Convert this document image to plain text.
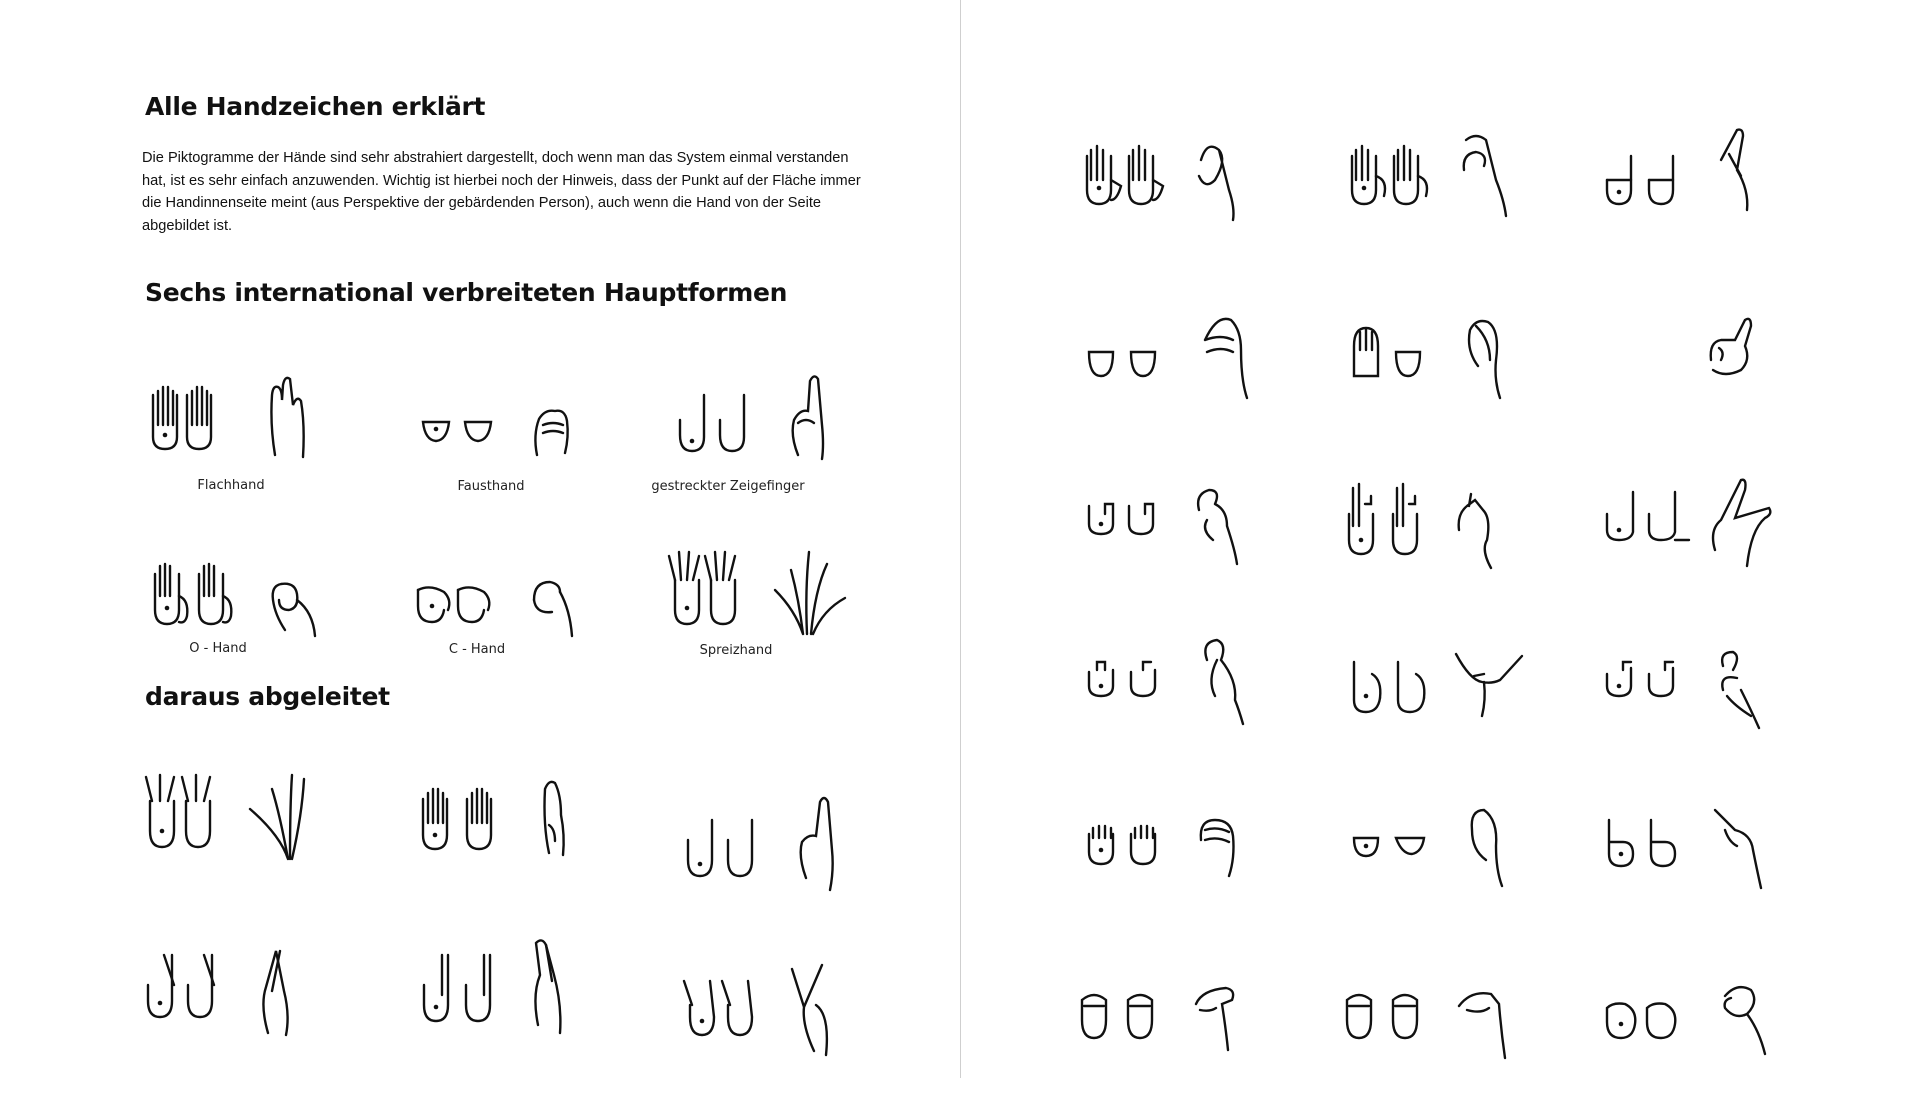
Alle Handzeichen erklärt

Die Piktogramme der Hände sind sehr abstrahiert dargestellt, doch wenn man das System einmal verstanden hat, ist es sehr einfach anzuwenden. Wichtig ist hierbei noch der Hinweis, dass der Punkt auf der Fläche immer die Handinnenseite meint (aus Perspektive der gebärdenden Person), auch wenn die Hand von der Seite abgebildet ist.

Sechs international verbreiteten Hauptformen
Flachhand	Fausthand	gestreckter Zeigefinger
O - Hand	C - Hand	Spreizhand
daraus abgeleitet
